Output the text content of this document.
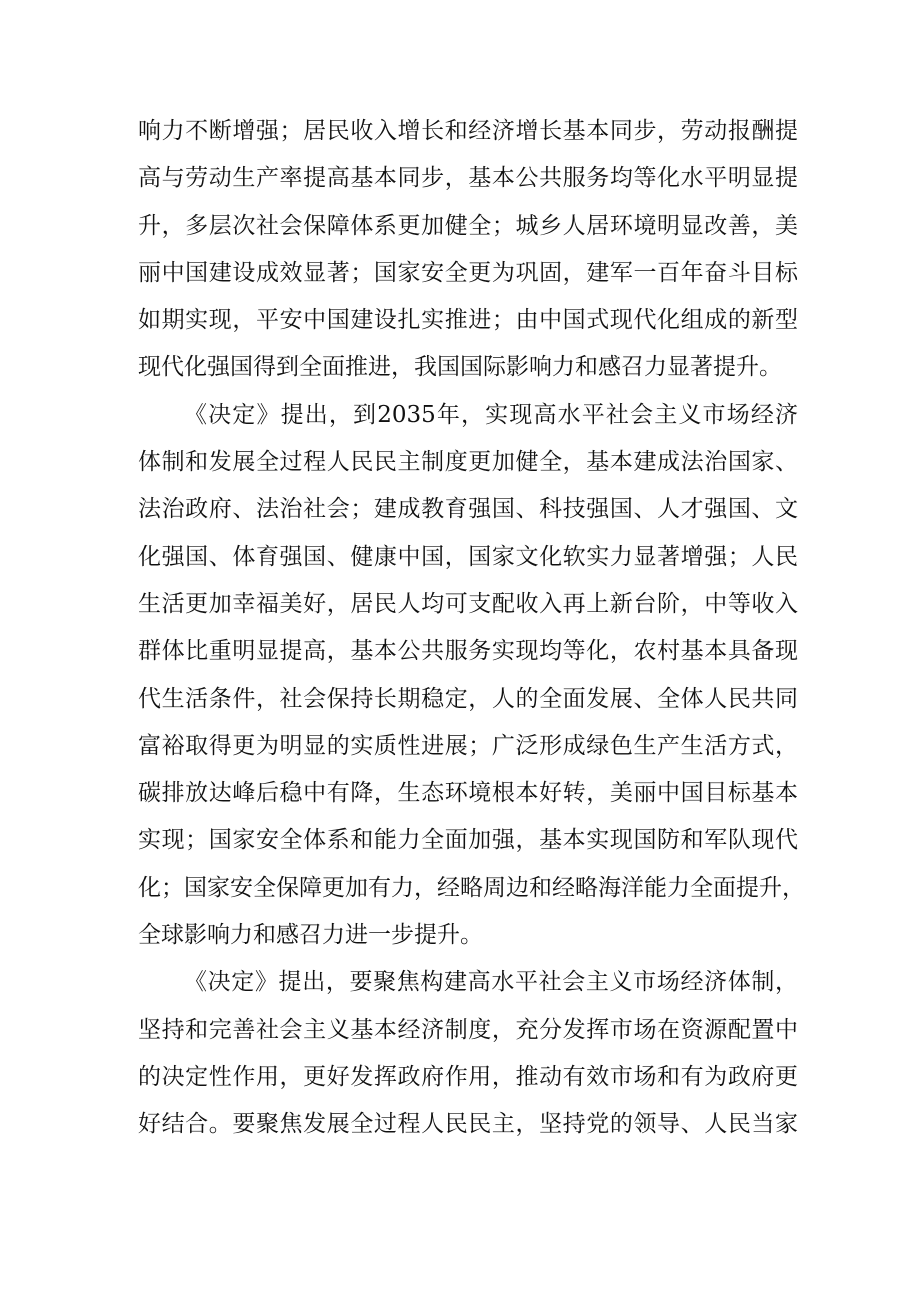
响力不断增强；居民收入增长和经济增长基本同步，劳动报酬提
高与劳动生产率提高基本同步，基本公共服务均等化水平明显提
升，多层次社会保障体系更加健全；城乡人居环境明显改善，美
丽中国建设成效显著；国家安全更为巩固，建军一百年奋斗目标
如期实现，平安中国建设扎实推进；由中国式现代化组成的新型
现代化强国得到全面推进，我国国际影响力和感召力显著提升。
《决定》提出，到2035年，实现高水平社会主义市场经济
体制和发展全过程人民民主制度更加健全，基本建成法治国家、
法治政府、法治社会；建成教育强国、科技强国、人才强国、文
化强国、体育强国、健康中国，国家文化软实力显著增强；人民
生活更加幸福美好，居民人均可支配收入再上新台阶，中等收入
群体比重明显提高，基本公共服务实现均等化，农村基本具备现
代生活条件，社会保持长期稳定，人的全面发展、全体人民共同
富裕取得更为明显的实质性进展；广泛形成绿色生产生活方式，
碳排放达峰后稳中有降，生态环境根本好转，美丽中国目标基本
实现；国家安全体系和能力全面加强，基本实现国防和军队现代
化；国家安全保障更加有力，经略周边和经略海洋能力全面提升，
全球影响力和感召力进一步提升。
《决定》提出，要聚焦构建高水平社会主义市场经济体制，
坚持和完善社会主义基本经济制度，充分发挥市场在资源配置中
的决定性作用，更好发挥政府作用，推动有效市场和有为政府更
好结合。要聚焦发展全过程人民民主，坚持党的领导、人民当家
